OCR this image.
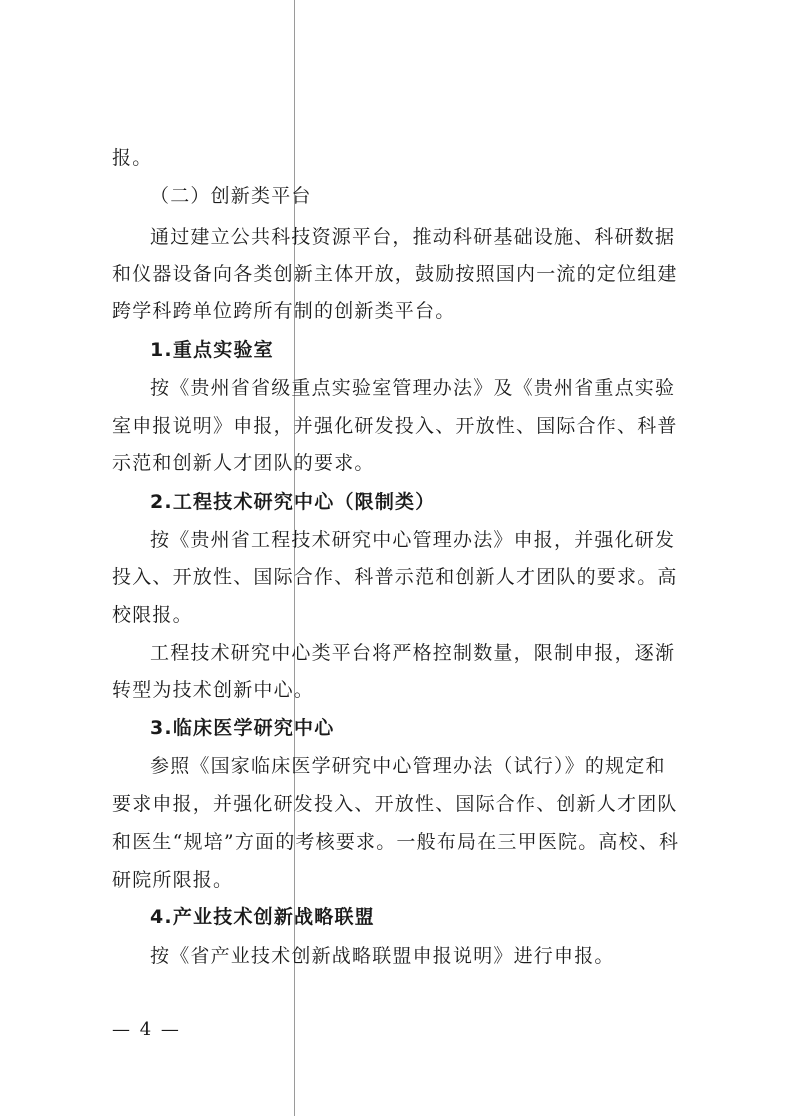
报。
（二）创新类平台
通过建立公共科技资源平台，推动科研基础设施、科研数据
和仪器设备向各类创新主体开放，鼓励按照国内一流的定位组建
跨学科跨单位跨所有制的创新类平台。
1.重点实验室
按《贵州省省级重点实验室管理办法》及《贵州省重点实验
室申报说明》申报，并强化研发投入、开放性、国际合作、科普
示范和创新人才团队的要求。
2.工程技术研究中心（限制类）
按《贵州省工程技术研究中心管理办法》申报，并强化研发
投入、开放性、国际合作、科普示范和创新人才团队的要求。高
校限报。
工程技术研究中心类平台将严格控制数量，限制申报，逐渐
转型为技术创新中心。
3.临床医学研究中心
参照《国家临床医学研究中心管理办法（试行）》的规定和
要求申报，并强化研发投入、开放性、国际合作、创新人才团队
和医生“规培”方面的考核要求。一般布局在三甲医院。高校、科
研院所限报。
4.产业技术创新战略联盟
按《省产业技术创新战略联盟申报说明》进行申报。
— 4 —
